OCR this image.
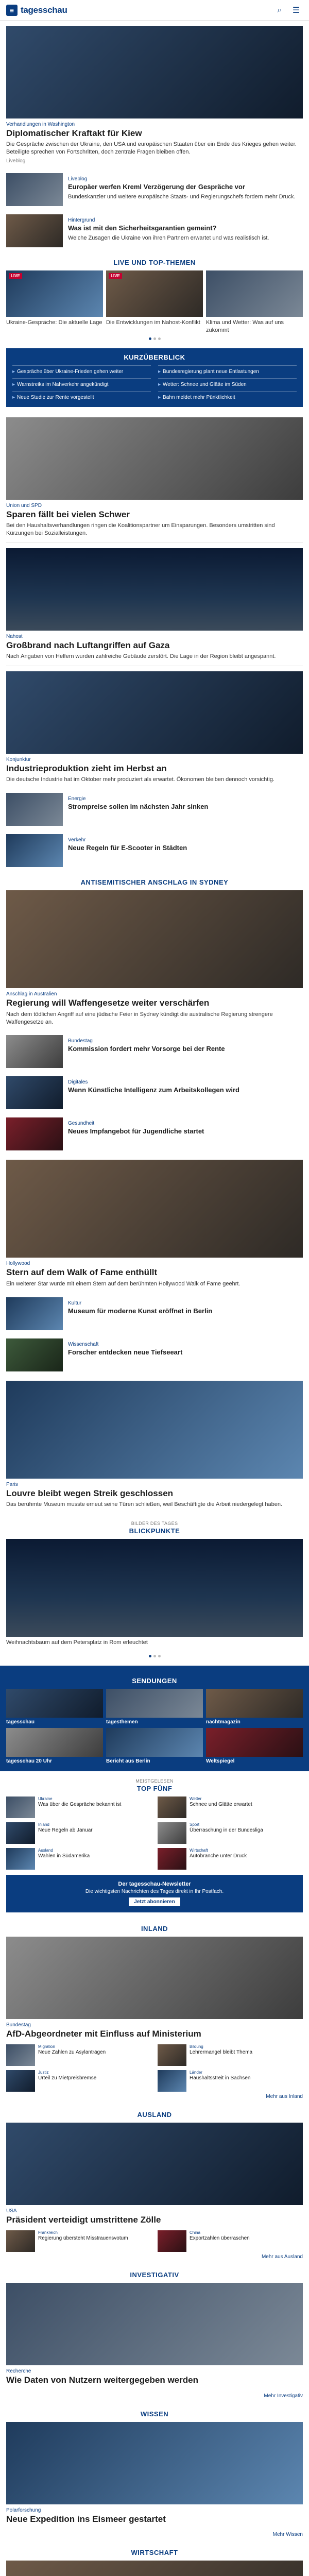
≡ tagesschau	⌕	☰
Verhandlungen in Washington
Diplomatischer Kraftakt für Kiew
Die Gespräche zwischen der Ukraine, den USA und europäischen Staaten über ein Ende des Krieges gehen weiter. Beteiligte sprechen von Fortschritten, doch zentrale Fragen bleiben offen.
Liveblog
Liveblog
Europäer werfen Kreml Verzögerung der Gespräche vor
Bundeskanzler und weitere europäische Staats- und Regierungschefs fordern mehr Druck.
Hintergrund
Was ist mit den Sicherheitsgarantien gemeint?
Welche Zusagen die Ukraine von ihren Partnern erwartet und was realistisch ist.
LIVE UND TOP-THEMEN
LIVE
Ukraine-Gespräche: Die aktuelle Lage
LIVE
Die Entwicklungen im Nahost-Konflikt	Klima und Wetter: Was auf uns zukommt
KURZÜBERBLICK
▸ Gespräche über Ukraine-Frieden gehen weiter	▸ Bundesregierung plant neue Entlastungen
▸ Warnstreiks im Nahverkehr angekündigt	▸ Wetter: Schnee und Glätte im Süden
▸ Neue Studie zur Rente vorgestellt	▸ Bahn meldet mehr Pünktlichkeit
Union und SPD
Sparen fällt bei vielen Schwer
Bei den Haushaltsverhandlungen ringen die Koalitionspartner um Einsparungen. Besonders umstritten sind Kürzungen bei Sozialleistungen.
Nahost
Großbrand nach Luftangriffen auf Gaza
Nach Angaben von Helfern wurden zahlreiche Gebäude zerstört. Die Lage in der Region bleibt angespannt.
Konjunktur
Industrieproduktion zieht im Herbst an
Die deutsche Industrie hat im Oktober mehr produziert als erwartet. Ökonomen bleiben dennoch vorsichtig.
Energie
Strompreise sollen im nächsten Jahr sinken
Verkehr
Neue Regeln für E-Scooter in Städten
ANTISEMITISCHER ANSCHLAG IN SYDNEY
Anschlag in Australien
Regierung will Waffengesetze weiter verschärfen
Nach dem tödlichen Angriff auf eine jüdische Feier in Sydney kündigt die australische Regierung strengere Waffengesetze an.
Bundestag
Kommission fordert mehr Vorsorge bei der Rente
Digitales
Wenn Künstliche Intelligenz zum Arbeitskollegen wird
Gesundheit
Neues Impfangebot für Jugendliche startet
Hollywood
Stern auf dem Walk of Fame enthüllt
Ein weiterer Star wurde mit einem Stern auf dem berühmten Hollywood Walk of Fame geehrt.
Kultur
Museum für moderne Kunst eröffnet in Berlin
Wissenschaft
Forscher entdecken neue Tiefseeart
Paris
Louvre bleibt wegen Streik geschlossen
Das berühmte Museum musste erneut seine Türen schließen, weil Beschäftigte die Arbeit niedergelegt haben.
BILDER DES TAGES
BLICKPUNKTE
Weihnachtsbaum auf dem Petersplatz in Rom erleuchtet
SENDUNGEN
tagesschau	tagesthemen	nachtmagazin
tagesschau 20 Uhr	Bericht aus Berlin	Weltspiegel
MEISTGELESEN
TOP FÜNF
Ukraine
Was über die Gespräche bekannt ist
Wetter
Schnee und Glätte erwartet
Inland
Neue Regeln ab Januar
Sport
Überraschung in der Bundesliga
Ausland
Wahlen in Südamerika
Wirtschaft
Autobranche unter Druck
Der tagesschau-Newsletter
Die wichtigsten Nachrichten des Tages direkt in Ihr Postfach.
Jetzt abonnieren
INLAND
Bundestag
AfD-Abgeordneter mit Einfluss auf Ministerium
Migration
Neue Zahlen zu Asylanträgen
Bildung
Lehrermangel bleibt Thema
Justiz
Urteil zu Mietpreisbremse
Länder
Haushaltsstreit in Sachsen
Mehr aus Inland
AUSLAND
USA
Präsident verteidigt umstrittene Zölle
Frankreich
Regierung übersteht Misstrauensvotum
China
Exportzahlen überraschen
Mehr aus Ausland
INVESTIGATIV
Recherche
Wie Daten von Nutzern weitergegeben werden
Mehr Investigativ
WISSEN
Polarforschung
Neue Expedition ins Eismeer gestartet
Mehr Wissen
WIRTSCHAFT
